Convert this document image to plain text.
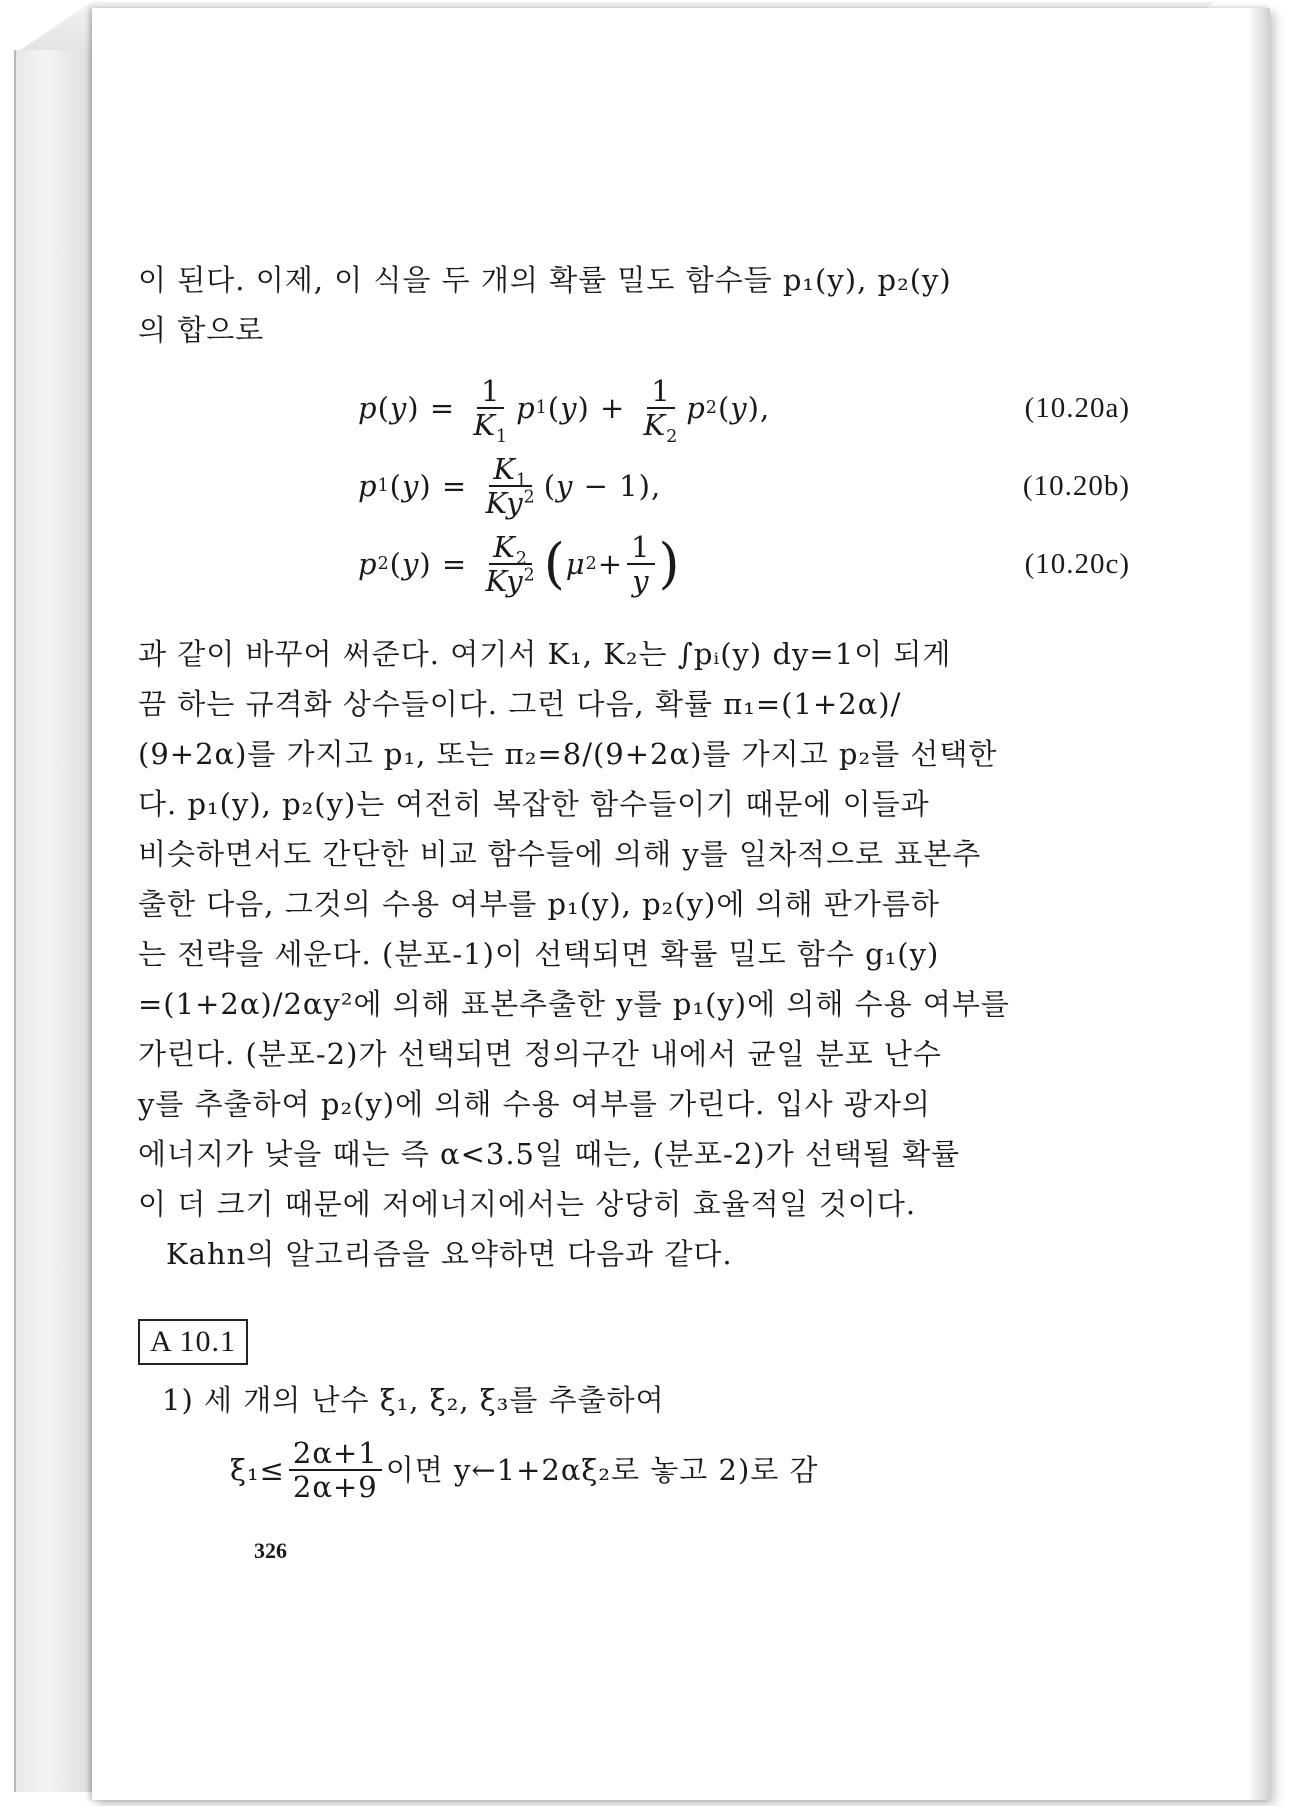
이 된다. 이제, 이 식을 두 개의 확률 밀도 함수들 p₁(y), p₂(y)

의 합으로

p ( y ) = $\frac{1}{K_1}$ p 1 ( y ) + $\frac{1}{K_2}$ p 2 ( y ),	(10.20a)
p 1 ( y ) = $\frac{K_1}{Ky^2}$ ( y − 1),	(10.20b)
p 2 ( y ) = $\frac{K_2}{Ky^2}$ ( μ $2 + \frac{1}{y}$ )	(10.20c)

과 같이 바꾸어 써준다. 여기서 K₁, K₂는 ∫pᵢ(y) dy=1이 되게

끔 하는 규격화 상수들이다. 그런 다음, 확률 π₁=(1+2α)/

(9+2α)를 가지고 p₁, 또는 π₂=8/(9+2α)를 가지고 p₂를 선택한

다. p₁(y), p₂(y)는 여전히 복잡한 함수들이기 때문에 이들과

비슷하면서도 간단한 비교 함수들에 의해 y를 일차적으로 표본추

출한 다음, 그것의 수용 여부를 p₁(y), p₂(y)에 의해 판가름하

는 전략을 세운다. (분포-1)이 선택되면 확률 밀도 함수 g₁(y)

=(1+2α)/2αy²에 의해 표본추출한 y를 p₁(y)에 의해 수용 여부를

가린다. (분포-2)가 선택되면 정의구간 내에서 균일 분포 난수

y를 추출하여 p₂(y)에 의해 수용 여부를 가린다. 입사 광자의

에너지가 낮을 때는 즉 α<3.5일 때는, (분포-2)가 선택될 확률

이 더 크기 때문에 저에너지에서는 상당히 효율적일 것이다.

Kahn의 알고리즘을 요약하면 다음과 같다.

A 10.1

1) 세 개의 난수 ξ₁, ξ₂, ξ₃를 추출하여

$\xi_1\le \frac{2\alpha+1}{2\alpha+9}$ 이면 y←1+2αξ₂로 놓고 2)로 감
326
